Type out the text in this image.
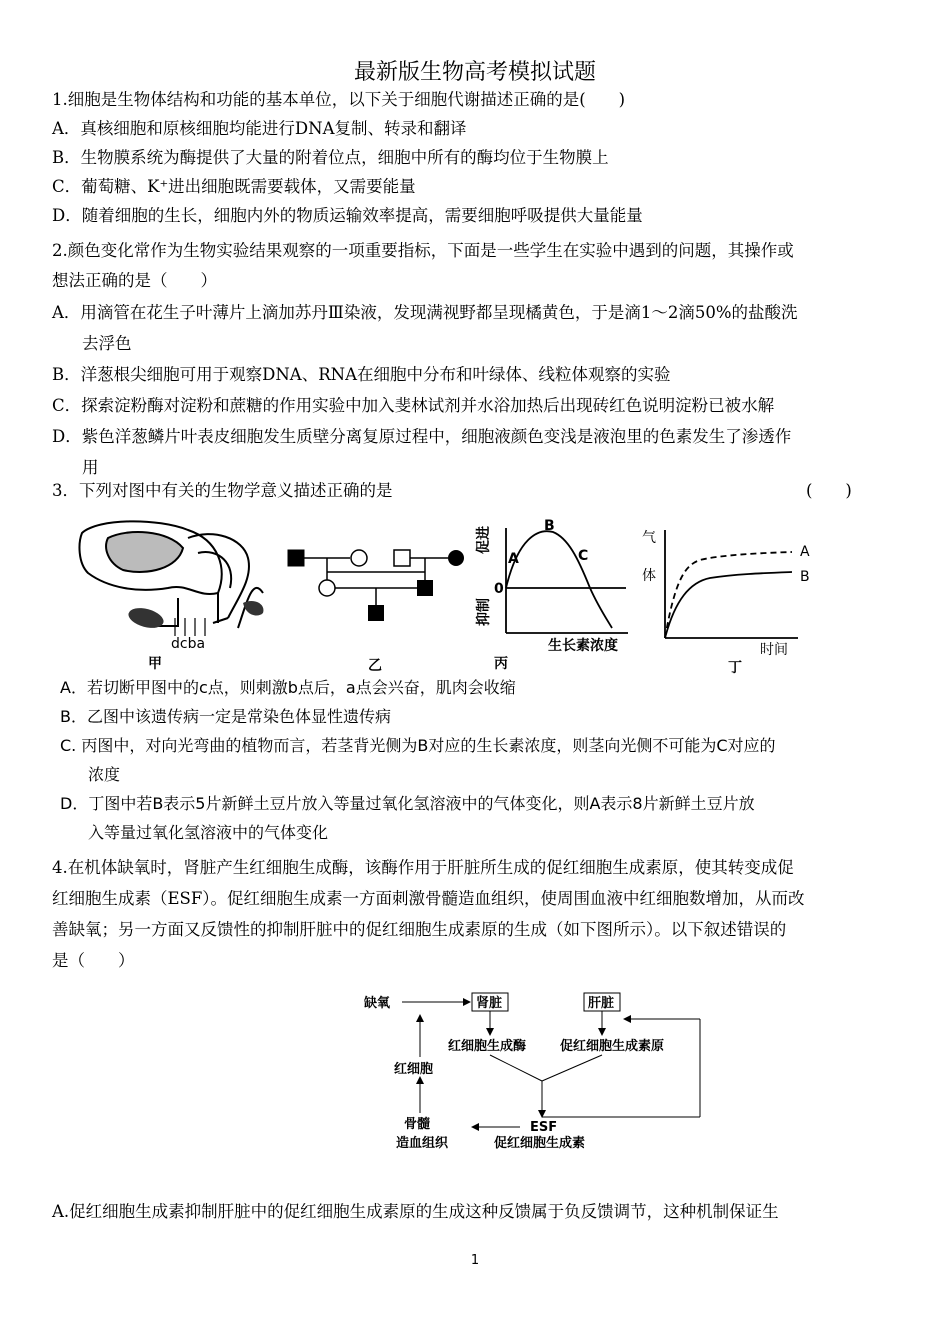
最新版生物高考模拟试题
1.细胞是生物体结构和功能的基本单位，以下关于细胞代谢描述正确的是(　　)
A．真核细胞和原核细胞均能进行DNA复制、转录和翻译
B．生物膜系统为酶提供了大量的附着位点，细胞中所有的酶均位于生物膜上
C．葡萄糖、K⁺进出细胞既需要载体，又需要能量
D．随着细胞的生长，细胞内外的物质运输效率提高，需要细胞呼吸提供大量能量
2.颜色变化常作为生物实验结果观察的一项重要指标，下面是一些学生在实验中遇到的问题，其操作或
想法正确的是（　　）
A．用滴管在花生子叶薄片上滴加苏丹Ⅲ染液，发现满视野都呈现橘黄色，于是滴1～2滴50%的盐酸洗
去浮色
B．洋葱根尖细胞可用于观察DNA、RNA在细胞中分布和叶绿体、线粒体观察的实验
C．探索淀粉酶对淀粉和蔗糖的作用实验中加入斐林试剂并水浴加热后出现砖红色说明淀粉已被水解
D．紫色洋葱鳞片叶表皮细胞发生质壁分离复原过程中，细胞液颜色变浅是液泡里的色素发生了渗透作
用
3．下列对图中有关的生物学意义描述正确的是	(　　)
dcba
甲	乙
促进
0
抑制
A
B
C
生长素浓度
丙
气
体
A
B
时间
丁
A．若切断甲图中的c点，则刺激b点后，a点会兴奋，肌肉会收缩
B．乙图中该遗传病一定是常染色体显性遗传病
C. 丙图中，对向光弯曲的植物而言，若茎背光侧为B对应的生长素浓度，则茎向光侧不可能为C对应的
浓度
D．丁图中若B表示5片新鲜土豆片放入等量过氧化氢溶液中的气体变化，则A表示8片新鲜土豆片放
入等量过氧化氢溶液中的气体变化
4.在机体缺氧时，肾脏产生红细胞生成酶，该酶作用于肝脏所生成的促红细胞生成素原，使其转变成促
红细胞生成素（ESF）。促红细胞生成素一方面刺激骨髓造血组织，使周围血液中红细胞数增加，从而改
善缺氧；另一方面又反馈性的抑制肝脏中的促红细胞生成素原的生成（如下图所示）。以下叙述错误的
是（　　）
缺氧	肾脏	肝脏
红细胞生成酶	促红细胞生成素原
红细胞
骨髓
造血组织
ESF
促红细胞生成素
A.促红细胞生成素抑制肝脏中的促红细胞生成素原的生成这种反馈属于负反馈调节，这种机制保证生
1
